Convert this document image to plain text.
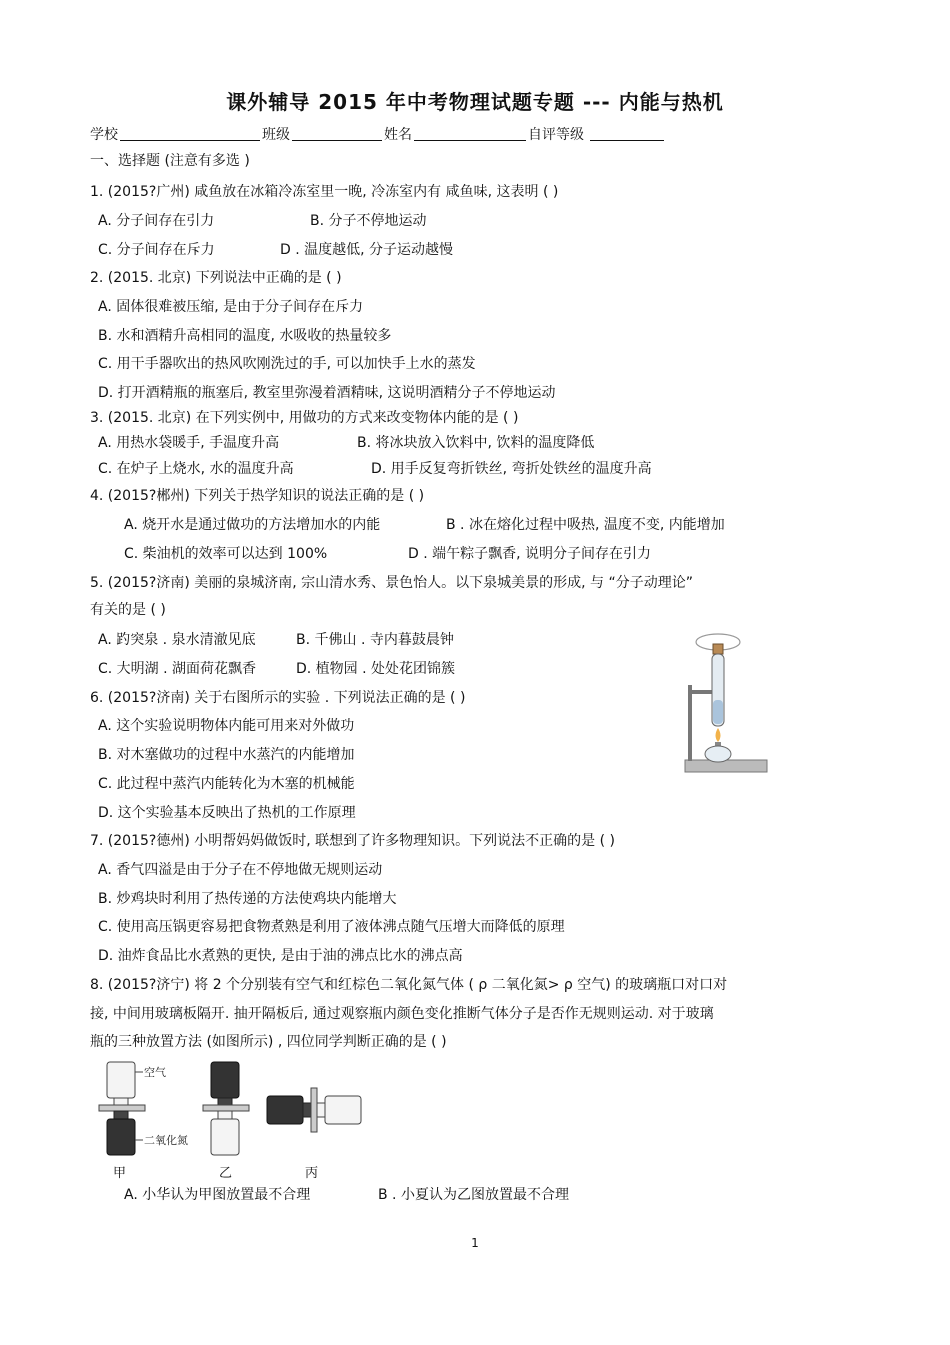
课外辅导 2015 年中考物理试题专题 --- 内能与热机
学校	班级	姓名	自评等级
一、选择题 (注意有多选 )
1. (2015?广州) 咸鱼放在冰箱冷冻室里一晚, 冷冻室内有 咸鱼味, 这表明 ( )
A. 分子间存在引力	B. 分子不停地运动
C. 分子间存在斥力	D . 温度越低, 分子运动越慢
2. (2015. 北京) 下列说法中正确的是 ( )
A. 固体很难被压缩, 是由于分子间存在斥力
B. 水和酒精升高相同的温度, 水吸收的热量较多
C. 用干手器吹出的热风吹刚洗过的手, 可以加快手上水的蒸发
D. 打开酒精瓶的瓶塞后, 教室里弥漫着酒精味, 这说明酒精分子不停地运动
3. (2015. 北京) 在下列实例中, 用做功的方式来改变物体内能的是 ( )
A. 用热水袋暖手, 手温度升高	B. 将冰块放入饮料中, 饮料的温度降低
C. 在炉子上烧水, 水的温度升高	D. 用手反复弯折铁丝, 弯折处铁丝的温度升高
4. (2015?郴州) 下列关于热学知识的说法正确的是 ( )
A. 烧开水是通过做功的方法增加水的内能	B . 冰在熔化过程中吸热, 温度不变, 内能增加
C. 柴油机的效率可以达到 100%	D . 端午粽子飘香, 说明分子间存在引力
5. (2015?济南) 美丽的泉城济南, 宗山清水秀、景色怡人。以下泉城美景的形成, 与 “分子动理论”
有关的是 ( )
A. 趵突泉 . 泉水清澈见底	B. 千佛山 . 寺内暮鼓晨钟
C. 大明湖 . 湖面荷花飘香	D. 植物园 . 处处花团锦簇
6. (2015?济南) 关于右图所示的实验 . 下列说法正确的是 ( )
A. 这个实验说明物体内能可用来对外做功
B. 对木塞做功的过程中水蒸汽的内能增加
C. 此过程中蒸汽内能转化为木塞的机械能
D. 这个实验基本反映出了热机的工作原理
7. (2015?德州) 小明帮妈妈做饭时, 联想到了许多物理知识。下列说法不正确的是 ( )
A. 香气四溢是由于分子在不停地做无规则运动
B. 炒鸡块时利用了热传递的方法使鸡块内能增大
C. 使用高压锅更容易把食物煮熟是利用了液体沸点随气压增大而降低的原理
D. 油炸食品比水煮熟的更快, 是由于油的沸点比水的沸点高
8. (2015?济宁) 将 2 个分别装有空气和红棕色二氧化氮气体 ( ρ 二氧化氮> ρ 空气) 的玻璃瓶口对口对
接, 中间用玻璃板隔开. 抽开隔板后, 通过观察瓶内颜色变化推断气体分子是否作无规则运动. 对于玻璃
瓶的三种放置方法 (如图所示) , 四位同学判断正确的是 ( )
空气
二氧化氮
甲	乙	丙
A. 小华认为甲图放置最不合理	B . 小夏认为乙图放置最不合理
1
